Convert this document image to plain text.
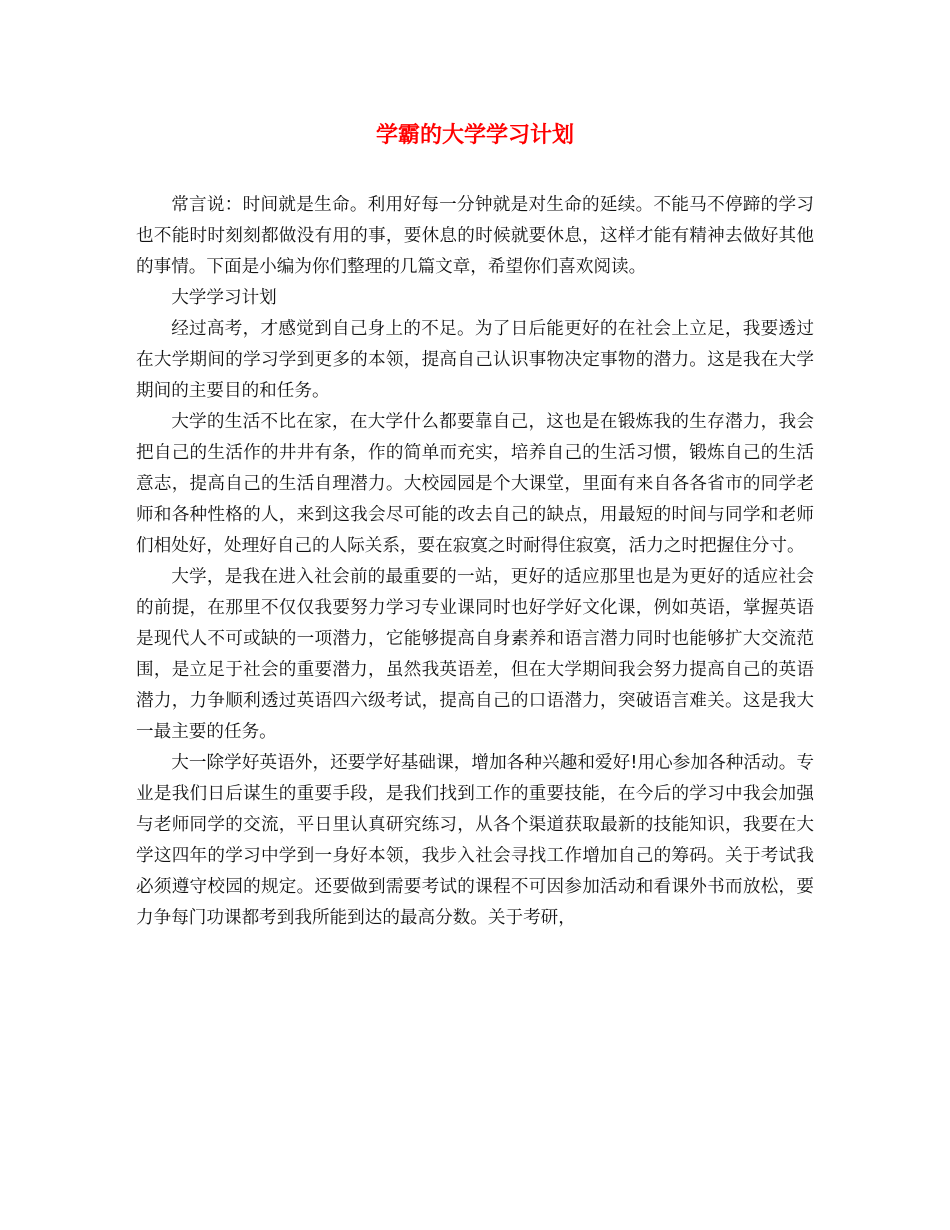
学霸的大学学习计划

常言说：时间就是生命。利用好每一分钟就是对生命的延续。不能马不停蹄的学习也不能时时刻刻都做没有用的事，要休息的时候就要休息，这样才能有精神去做好其他的事情。下面是小编为你们整理的几篇文章，希望你们喜欢阅读。

大学学习计划

经过高考，才感觉到自己身上的不足。为了日后能更好的在社会上立足，我要透过在大学期间的学习学到更多的本领，提高自己认识事物决定事物的潜力。这是我在大学期间的主要目的和任务。

大学的生活不比在家，在大学什么都要靠自己，这也是在锻炼我的生存潜力，我会把自己的生活作的井井有条，作的简单而充实，培养自己的生活习惯，锻炼自己的生活意志，提高自己的生活自理潜力。大校园园是个大课堂，里面有来自各各省市的同学老师和各种性格的人，来到这我会尽可能的改去自己的缺点，用最短的时间与同学和老师们相处好，处理好自己的人际关系，要在寂寞之时耐得住寂寞，活力之时把握住分寸。

大学，是我在进入社会前的最重要的一站，更好的适应那里也是为更好的适应社会的前提，在那里不仅仅我要努力学习专业课同时也好学好文化课，例如英语，掌握英语是现代人不可或缺的一项潜力，它能够提高自身素养和语言潜力同时也能够扩大交流范围，是立足于社会的重要潜力，虽然我英语差，但在大学期间我会努力提高自己的英语潜力，力争顺利透过英语四六级考试，提高自己的口语潜力，突破语言难关。这是我大一最主要的任务。

大一除学好英语外，还要学好基础课，增加各种兴趣和爱好!用心参加各种活动。专业是我们日后谋生的重要手段，是我们找到工作的重要技能，在今后的学习中我会加强与老师同学的交流，平日里认真研究练习，从各个渠道获取最新的技能知识，我要在大学这四年的学习中学到一身好本领，我步入社会寻找工作增加自己的筹码。关于考试我必须遵守校园的规定。还要做到需要考试的课程不可因参加活动和看课外书而放松，要力争每门功课都考到我所能到达的最高分数。关于考研，
